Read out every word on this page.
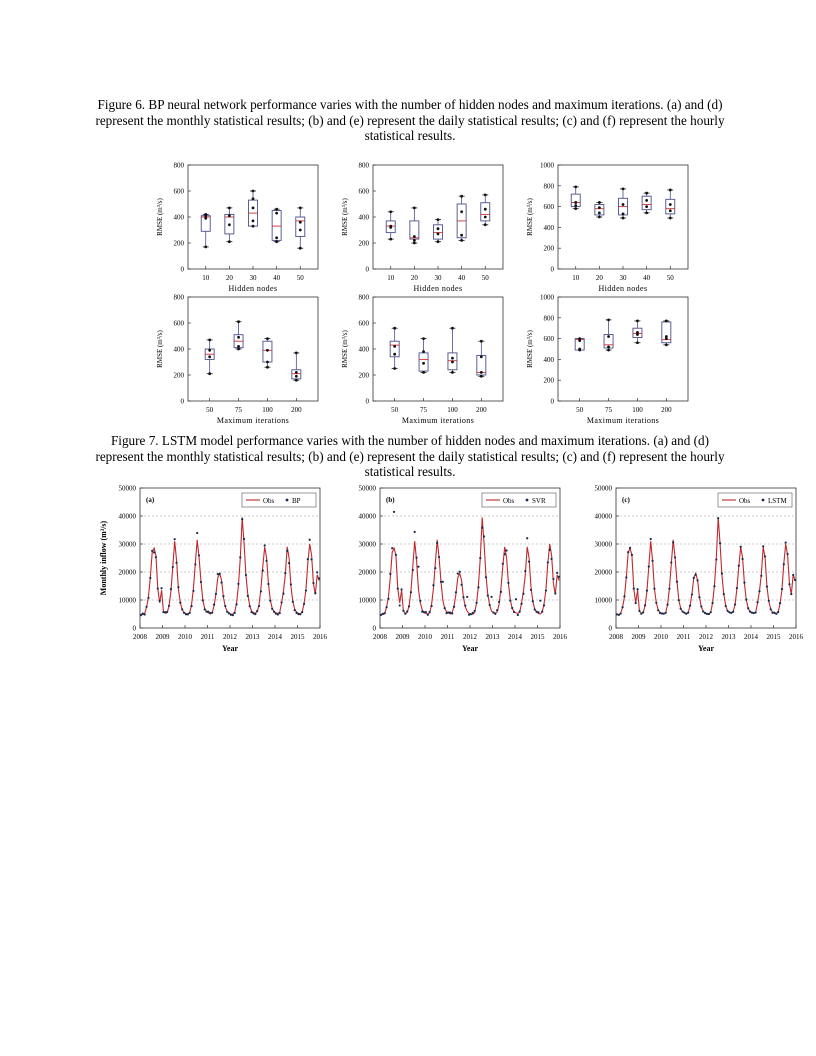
Figure 6. BP neural network performance varies with the number of hidden nodes and maximum iterations. (a) and (d) represent the monthly statistical results; (b) and (e) represent the daily statistical results; (c) and (f) represent the hourly statistical results.
0
200
400
600
800
RMSE (m³/s)
10 20 30 40 50
Hidden nodes
0
200
400
600
800
RMSE (m³/s)
10 20 30 40 50
Hidden nodes
0
200
400
600
800
1000
RMSE (m³/s)
10 20 30 40 50
Hidden nodes
0
200
400
600
800
RMSE (m³/s)
50	75	100	200
Maximum iterations
0
200
400
600
800
RMSE (m³/s)
50	75	100	200
Maximum iterations
0
200
400
600
800
1000
RMSE (m³/s)
50	75	100	200
Maximum iterations
Figure 7. LSTM model performance varies with the number of hidden nodes and maximum iterations. (a) and (d) represent the monthly statistical results; (b) and (e) represent the daily statistical results; (c) and (f) represent the hourly statistical results.
0
10000
20000
30000
40000
50000
2008 2009 2010 2011 2012 2013 2014 2015 2016
Year
Monthly inflow (m³/s)
(a)	Obs	BP
0
10000
20000
30000
40000
50000
2008 2009 2010 2011 2012 2013 2014 2015 2016
Year
(b)	Obs	SVR
0
10000
20000
30000
40000
50000
2008 2009 2010 2011 2012 2013 2014 2015 2016
Year
(c)	Obs	LSTM
